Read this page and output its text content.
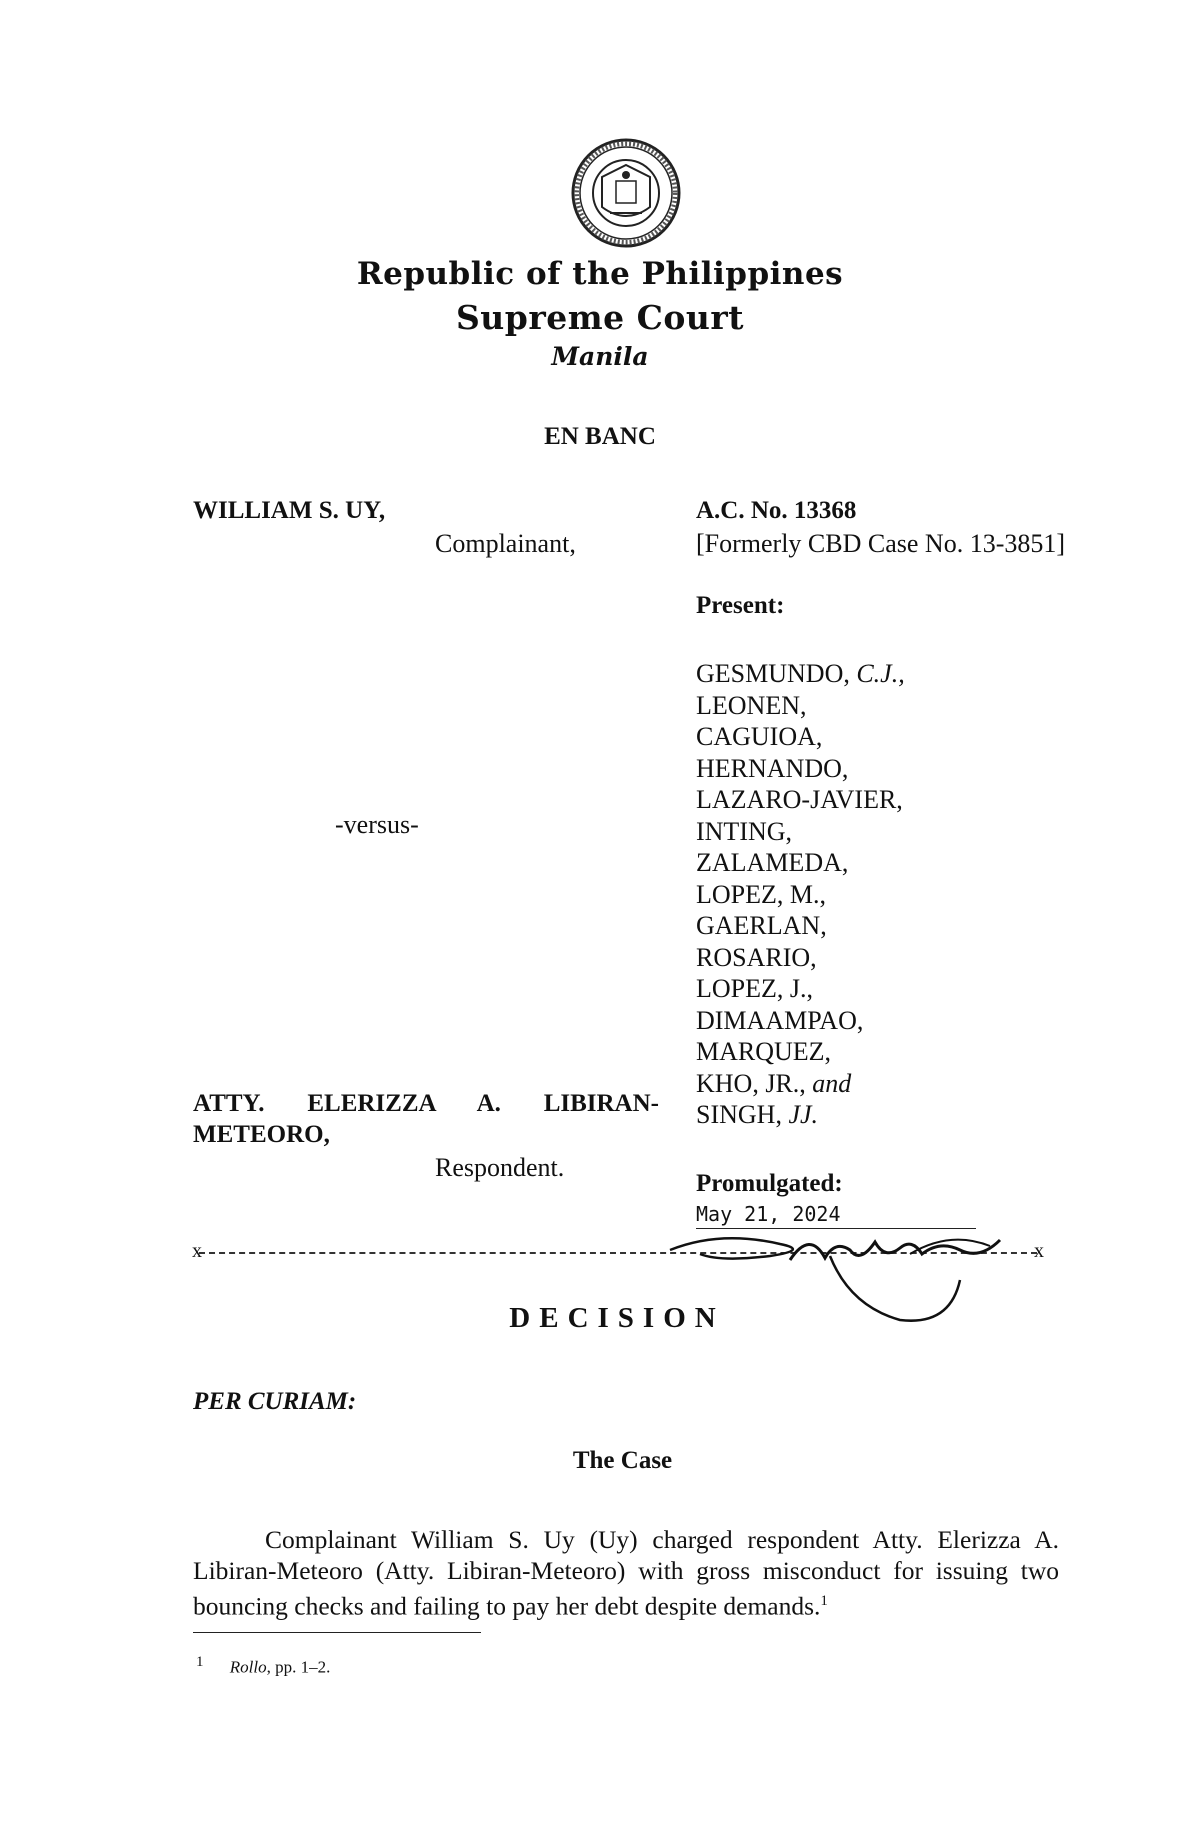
Republic of the Philippines
Supreme Court
Manila
EN BANC
WILLIAM S. UY,
Complainant,
-versus-
ATTY. ELERIZZA A. LIBIRAN-
METEORO,
Respondent.
A.C. No. 13368
[Formerly CBD Case No. 13-3851]
Present:
GESMUNDO, C.J.,
LEONEN,
CAGUIOA,
HERNANDO,
LAZARO-JAVIER,
INTING,
ZALAMEDA,
LOPEZ, M.,
GAERLAN,
ROSARIO,
LOPEZ, J.,
DIMAAMPAO,
MARQUEZ,
KHO, JR., and
SINGH, JJ.
Promulgated:
May 21, 2024
x	x
DECISION
PER CURIAM:
The Case
Complainant William S. Uy (Uy) charged respondent Atty. Elerizza A. Libiran-Meteoro (Atty. Libiran-Meteoro) with gross misconduct for issuing two bouncing checks and failing to pay her debt despite demands.$^1$
$^1$ Rollo, pp. 1–2.
